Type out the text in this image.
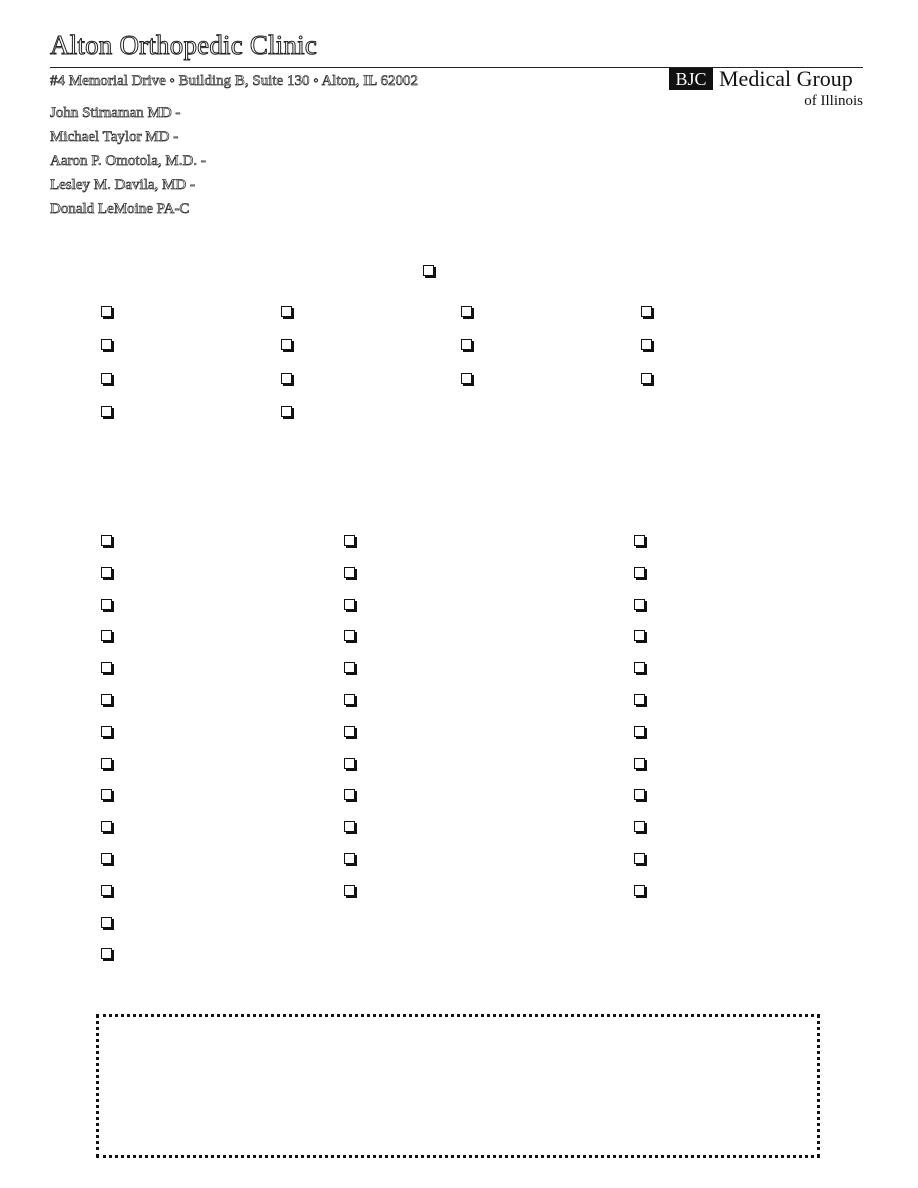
Alton Orthopedic Clinic
#4 Memorial Drive ◦ Building B, Suite 130 ◦ Alton, IL 62002	BJC Medical Group
of Illinois
John Stirnaman MD -
Michael Taylor MD -
Aaron P. Omotola, M.D. -
Lesley M. Davila, MD -
Donald LeMoine PA-C
